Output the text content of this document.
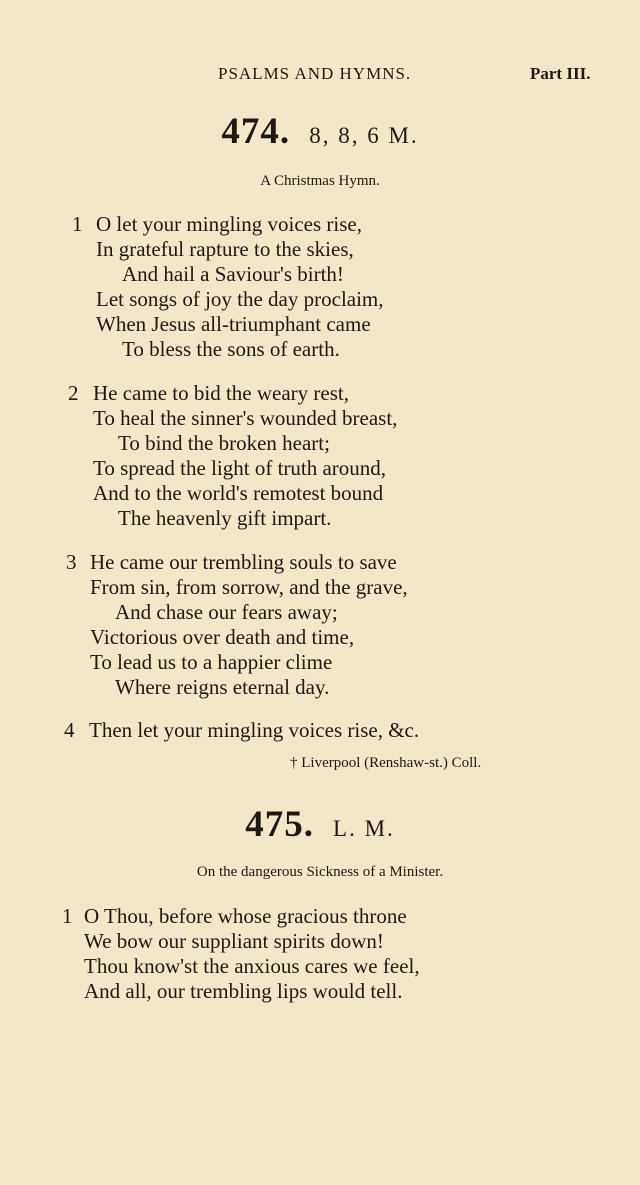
PSALMS AND HYMNS.	Part III.
474. 8, 8, 6 M.
A Christmas Hymn.
1 O let your mingling voices rise,
In grateful rapture to the skies,
And hail a Saviour's birth!
Let songs of joy the day proclaim,
When Jesus all-triumphant came
To bless the sons of earth.
2 He came to bid the weary rest,
To heal the sinner's wounded breast,
To bind the broken heart;
To spread the light of truth around,
And to the world's remotest bound
The heavenly gift impart.
3 He came our trembling souls to save
From sin, from sorrow, and the grave,
And chase our fears away;
Victorious over death and time,
To lead us to a happier clime
Where reigns eternal day.
4 Then let your mingling voices rise, &c.
† Liverpool (Renshaw-st.) Coll.
475. L. M.
On the dangerous Sickness of a Minister.
1 O Thou, before whose gracious throne
We bow our suppliant spirits down!
Thou know'st the anxious cares we feel,
And all, our trembling lips would tell.
